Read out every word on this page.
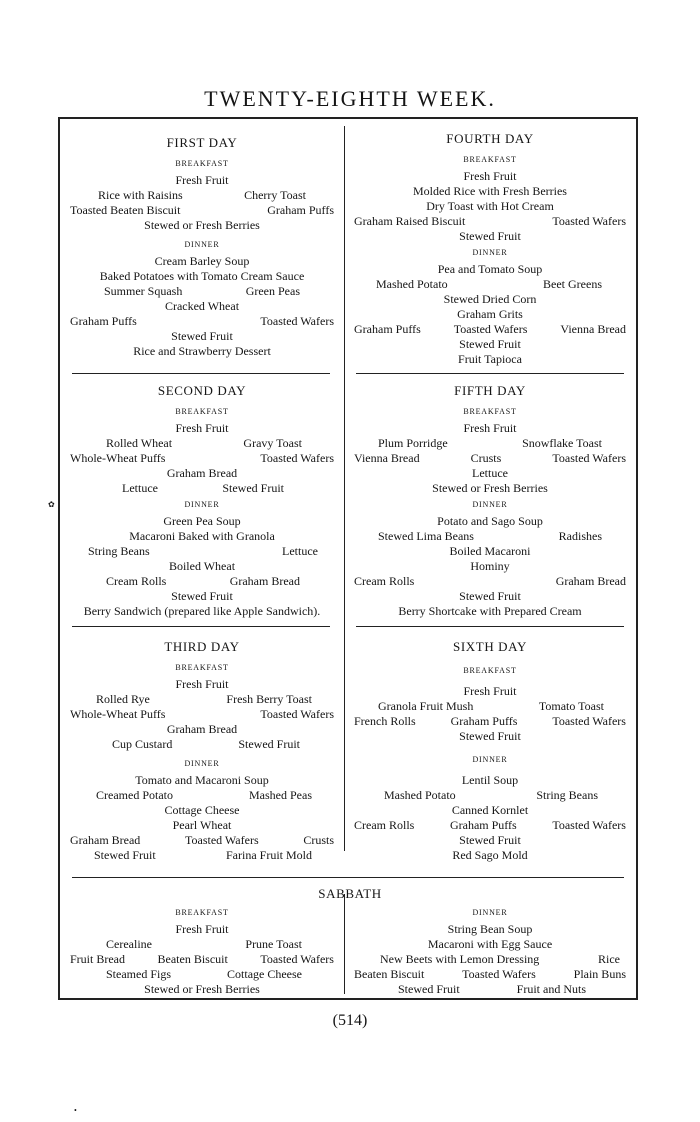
TWENTY-EIGHTH WEEK.
FIRST DAY
BREAKFAST
Fresh Fruit
Rice with Raisins	Cherry Toast
Toasted Beaten Biscuit	Graham Puffs
Stewed or Fresh Berries
DINNER
Cream Barley Soup
Baked Potatoes with Tomato Cream Sauce
Summer Squash	Green Peas
Cracked Wheat
Graham Puffs	Toasted Wafers
Stewed Fruit
Rice and Strawberry Dessert
FOURTH DAY
BREAKFAST
Fresh Fruit
Molded Rice with Fresh Berries
Dry Toast with Hot Cream
Graham Raised Biscuit	Toasted Wafers
Stewed Fruit
DINNER
Pea and Tomato Soup
Mashed Potato	Beet Greens
Stewed Dried Corn
Graham Grits
Graham Puffs	Toasted Wafers	Vienna Bread
Stewed Fruit
Fruit Tapioca
SECOND DAY
BREAKFAST
Fresh Fruit
Rolled Wheat	Gravy Toast
Whole-Wheat Puffs	Toasted Wafers
Graham Bread
Lettuce	Stewed Fruit
DINNER
Green Pea Soup
Macaroni Baked with Granola
String Beans	Lettuce
Boiled Wheat
Cream Rolls	Graham Bread
Stewed Fruit
Berry Sandwich (prepared like Apple Sandwich).
FIFTH DAY
BREAKFAST
Fresh Fruit
Plum Porridge	Snowflake Toast
Vienna Bread	Crusts	Toasted Wafers
Lettuce
Stewed or Fresh Berries
DINNER
Potato and Sago Soup
Stewed Lima Beans	Radishes
Boiled Macaroni
Hominy
Cream Rolls	Graham Bread
Stewed Fruit
Berry Shortcake with Prepared Cream
THIRD DAY
BREAKFAST
Fresh Fruit
Rolled Rye	Fresh Berry Toast
Whole-Wheat Puffs	Toasted Wafers
Graham Bread
Cup Custard	Stewed Fruit
DINNER
Tomato and Macaroni Soup
Creamed Potato	Mashed Peas
Cottage Cheese
Pearl Wheat
Graham Bread	Toasted Wafers	Crusts
Stewed Fruit	Farina Fruit Mold
SIXTH DAY
BREAKFAST
Fresh Fruit
Granola Fruit Mush	Tomato Toast
French Rolls	Graham Puffs	Toasted Wafers
Stewed Fruit
DINNER
Lentil Soup
Mashed Potato	String Beans
Canned Kornlet
Cream Rolls	Graham Puffs	Toasted Wafers
Stewed Fruit
Red Sago Mold
SABBATH
BREAKFAST
Fresh Fruit
Cerealine	Prune Toast
Fruit Bread	Beaten Biscuit	Toasted Wafers
Steamed Figs	Cottage Cheese
Stewed or Fresh Berries
DINNER
String Bean Soup
Macaroni with Egg Sauce
New Beets with Lemon Dressing	Rice
Beaten Biscuit	Toasted Wafers	Plain Buns
Stewed Fruit	Fruit and Nuts
(514)
✿
•
